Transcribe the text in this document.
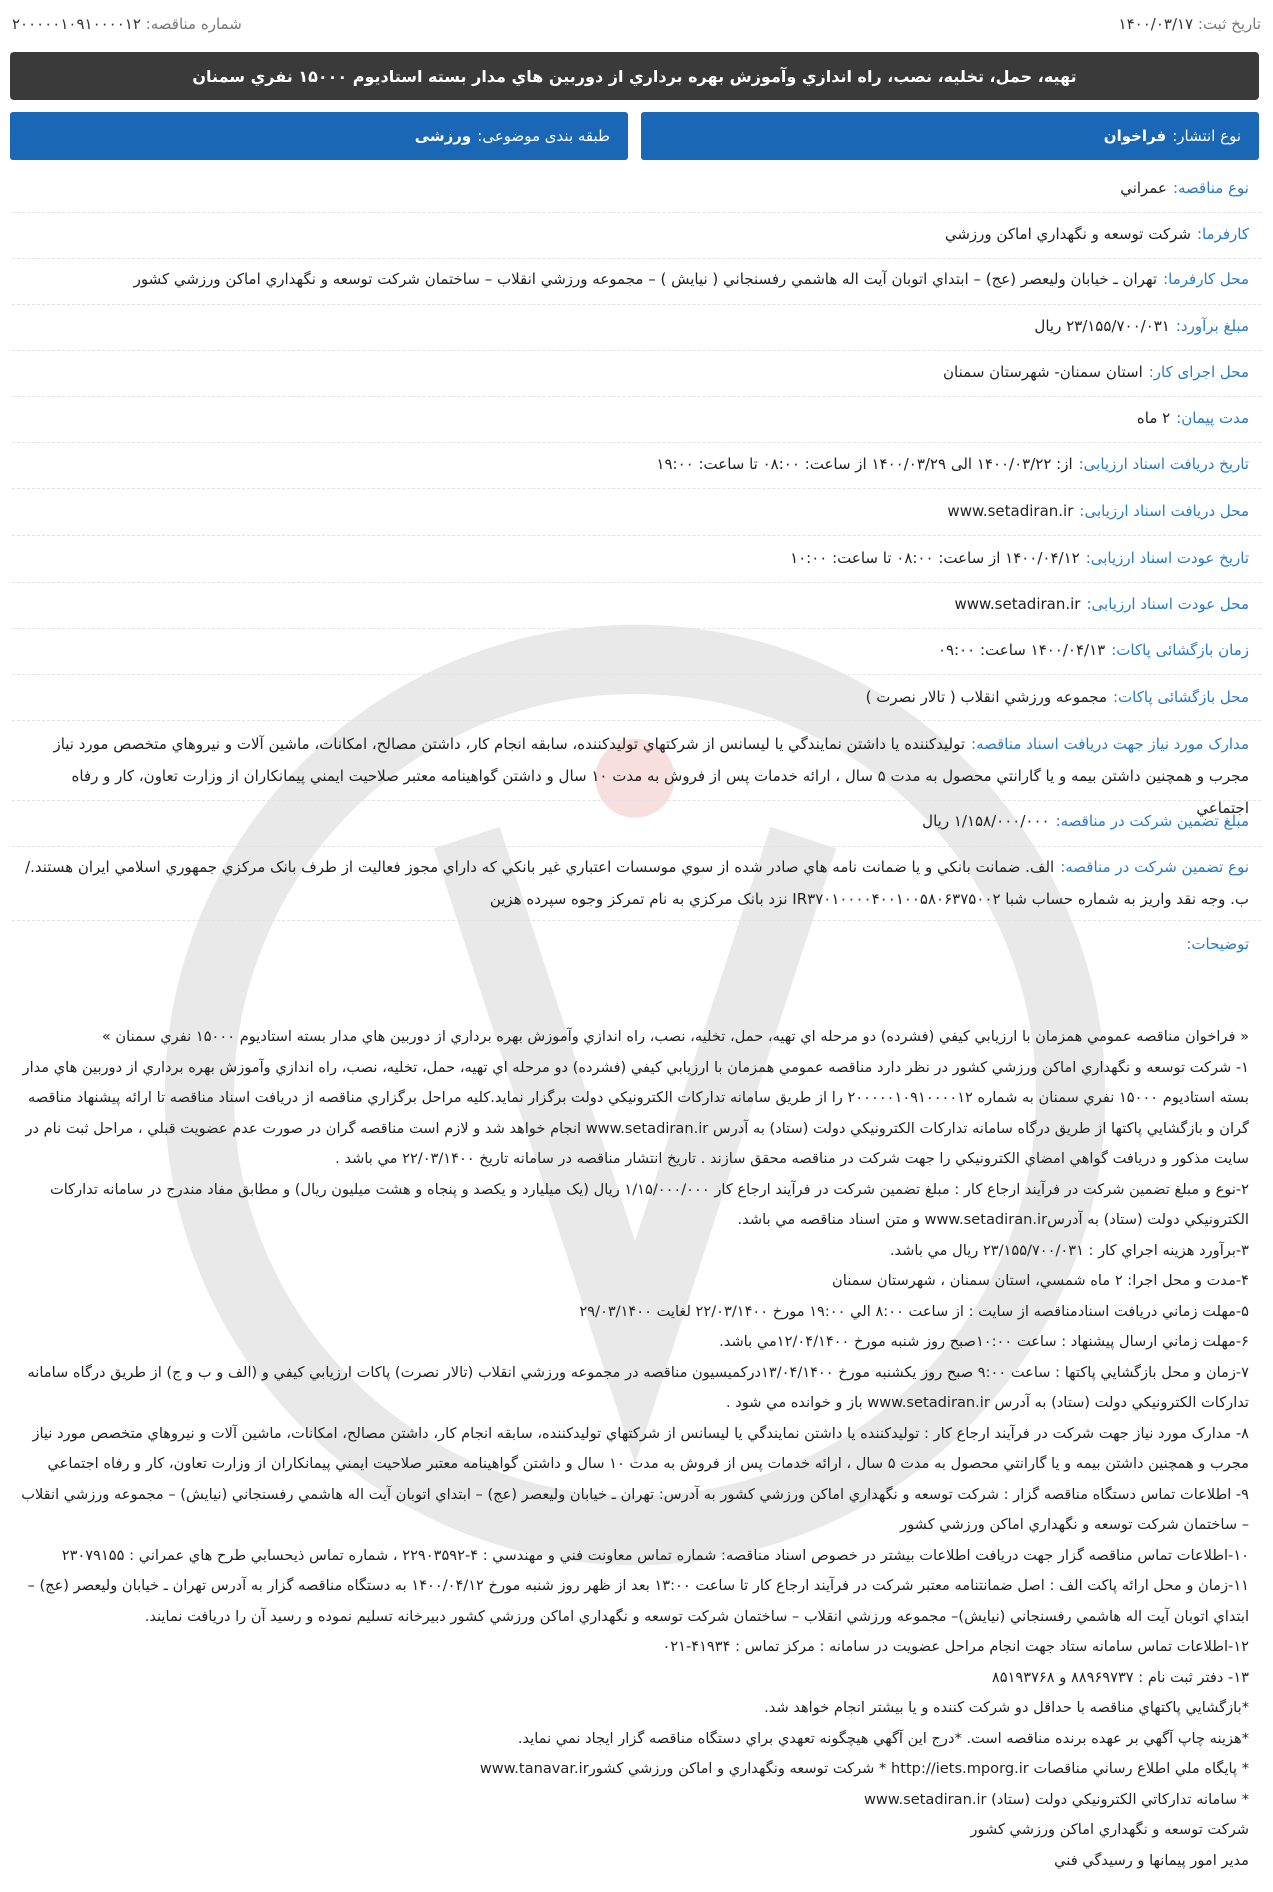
تاريخ ثبت: ۱۴۰۰/۰۳/۱۷
شماره مناقصه: ۲۰۰۰۰۰۱۰۹۱۰۰۰۰۱۲
تهيه، حمل، تخليه، نصب، راه اندازي وآموزش بهره برداري از دوربين هاي مدار بسته استاديوم ۱۵۰۰۰ نفري سمنان
نوع انتشار:
فراخوان
طبقه بندی موضوعی:
ورزشی
نوع مناقصه:عمراني
کارفرما:شرکت توسعه و نگهداري اماکن ورزشي
محل کارفرما:تهران ـ خيابان وليعصر (عج) – ابتداي اتوبان آيت اله هاشمي رفسنجاني ( نيايش ) – مجموعه ورزشي انقلاب – ساختمان شرکت توسعه و نگهداري اماکن ورزشي کشور
مبلغ برآورد:۲۳/۱۵۵/۷۰۰/۰۳۱ ريال
محل اجرای کار:استان سمنان- شهرستان سمنان
مدت پیمان:۲ ماه
تاریخ دریافت اسناد ارزیابی:از: ۱۴۰۰/۰۳/۲۲ الی ۱۴۰۰/۰۳/۲۹ از ساعت: ۰۸:۰۰ تا ساعت: ۱۹:۰۰
محل دریافت اسناد ارزیابی:www.setadiran.ir
تاریخ عودت اسناد ارزیابی:۱۴۰۰/۰۴/۱۲ از ساعت: ۰۸:۰۰ تا ساعت: ۱۰:۰۰
محل عودت اسناد ارزیابی:www.setadiran.ir
زمان بازگشائی پاکات:۱۴۰۰/۰۴/۱۳ ساعت: ۰۹:۰۰
محل بازگشائی پاکات:مجموعه ورزشي انقلاب ( تالار نصرت )
مدارک مورد نیاز جهت دریافت اسناد مناقصه:توليدکننده يا داشتن نمايندگي يا ليسانس از شرکتهاي توليدکننده، سابقه انجام کار، داشتن مصالح، امکانات، ماشين آلات و نيروهاي متخصص مورد نياز مجرب و همچنين داشتن بيمه و يا گارانتي محصول به مدت ۵ سال ، ارائه خدمات پس از فروش به مدت ۱۰ سال و داشتن گواهينامه معتبر صلاحيت ايمني پيمانکاران از وزارت تعاون، کار و رفاه اجتماعي
مبلغ تضمین شرکت در مناقصه:۱/۱۵۸/۰۰۰/۰۰۰ ريال
نوع تضمین شرکت در مناقصه:الف. ضمانت بانکي و يا ضمانت نامه هاي صادر شده از سوي موسسات اعتباري غير بانکي که داراي مجوز فعاليت از طرف بانک مرکزي جمهوري اسلامي ايران هستند./ب. وجه نقد واريز به شماره حساب شبا IR۳۷۰۱۰۰۰۰۴۰۰۱۰۰۵۸۰۶۳۷۵۰۰۲ نزد بانک مرکزي به نام تمرکز وجوه سپرده هزين
توضیحات:

« فراخوان مناقصه عمومي همزمان با ارزيابي کيفي (فشرده) دو مرحله اي تهيه، حمل، تخليه، نصب، راه اندازي وآموزش بهره برداري از دوربين هاي مدار بسته استاديوم ۱۵۰۰۰ نفري سمنان »

۱- شرکت توسعه و نگهداري اماکن ورزشي کشور در نظر دارد مناقصه عمومي همزمان با ارزيابي کيفي (فشرده) دو مرحله اي تهيه، حمل، تخليه، نصب، راه اندازي وآموزش بهره برداري از دوربين هاي مدار بسته استاديوم ۱۵۰۰۰ نفري سمنان به شماره ۲۰۰۰۰۰۱۰۹۱۰۰۰۰۱۲ را از طريق سامانه تدارکات الکترونيکي دولت برگزار نمايد.کليه مراحل برگزاري مناقصه از دريافت اسناد مناقصه تا ارائه پيشنهاد مناقصه گران و بازگشايي پاکتها از طريق درگاه سامانه تدارکات الکترونيکي دولت (ستاد) به آدرس www.setadiran.ir انجام خواهد شد و لازم است مناقصه گران در صورت عدم عضويت قبلي ، مراحل ثبت نام در سايت مذکور و دريافت گواهي امضاي الکترونيکي را جهت شرکت در مناقصه محقق سازند . تاريخ انتشار مناقصه در سامانه تاريخ ۲۲/۰۳/۱۴۰۰ مي باشد .

۲-نوع و مبلغ تضمين شرکت در فرآيند ارجاع کار : مبلغ تضمين شرکت در فرآيند ارجاع کار ۱/۱۵/۰۰۰/۰۰۰ ريال (يک ميليارد و يکصد و پنجاه و هشت ميليون ريال) و مطابق مفاد مندرج در سامانه تدارکات الکترونيکي دولت (ستاد) به آدرسwww.setadiran.ir و متن اسناد مناقصه مي باشد.

۳-برآورد هزينه اجراي کار : ۲۳/۱۵۵/۷۰۰/۰۳۱ ريال مي باشد.

۴-مدت و محل اجرا: ۲ ماه شمسي، استان سمنان ، شهرستان سمنان

۵-مهلت زماني دريافت اسنادمناقصه از سايت : از ساعت ۸:۰۰ الي ۱۹:۰۰ مورخ ۲۲/۰۳/۱۴۰۰ لغايت ۲۹/۰۳/۱۴۰۰

۶-مهلت زماني ارسال پيشنهاد : ساعت ۱۰:۰۰صبح روز شنبه مورخ ۱۲/۰۴/۱۴۰۰مي باشد.

۷-زمان و محل بازگشايي پاکتها : ساعت ۹:۰۰ صبح روز يکشنبه مورخ ۱۳/۰۴/۱۴۰۰درکميسيون مناقصه در مجموعه ورزشي انقلاب (تالار نصرت) پاکات ارزيابي کيفي و (الف و ب و ج) از طريق درگاه سامانه تدارکات الکترونيکي دولت (ستاد) به آدرس www.setadiran.ir باز و خوانده مي شود .

۸- مدارک مورد نياز جهت شرکت در فرآيند ارجاع کار : توليدکننده يا داشتن نمايندگي يا ليسانس از شرکتهاي توليدکننده، سابقه انجام کار، داشتن مصالح، امکانات، ماشين آلات و نيروهاي متخصص مورد نياز مجرب و همچنين داشتن بيمه و يا گارانتي محصول به مدت ۵ سال ، ارائه خدمات پس از فروش به مدت ۱۰ سال و داشتن گواهينامه معتبر صلاحيت ايمني پيمانکاران از وزارت تعاون، کار و رفاه اجتماعي

۹- اطلاعات تماس دستگاه مناقصه گزار : شرکت توسعه و نگهداري اماکن ورزشي کشور به آدرس: تهران ـ خيابان وليعصر (عج) – ابتداي اتوبان آيت اله هاشمي رفسنجاني (نيايش) – مجموعه ورزشي انقلاب – ساختمان شرکت توسعه و نگهداري اماکن ورزشي کشور

۱۰-اطلاعات تماس مناقصه گزار جهت دريافت اطلاعات بيشتر در خصوص اسناد مناقصه: شماره تماس معاونت فني و مهندسي : ۴-۲۲۹۰۳۵۹۲ ، شماره تماس ذيحسابي طرح هاي عمراني : ۲۳۰۷۹۱۵۵

۱۱-زمان و محل ارائه پاکت الف : اصل ضمانتنامه معتبر شرکت در فرآيند ارجاع کار تا ساعت ۱۳:۰۰ بعد از ظهر روز شنبه مورخ ۱۴۰۰/۰۴/۱۲ به دستگاه مناقصه گزار به آدرس تهران ـ خيابان وليعصر (عج) – ابتداي اتوبان آيت اله هاشمي رفسنجاني (نيايش)– مجموعه ورزشي انقلاب – ساختمان شرکت توسعه و نگهداري اماکن ورزشي کشور دبيرخانه تسليم نموده و رسيد آن را دريافت نمايند.

۱۲-اطلاعات تماس سامانه ستاد جهت انجام مراحل عضويت در سامانه : مرکز تماس : ۴۱۹۳۴-۰۲۱

۱۳- دفتر ثبت نام : ۸۸۹۶۹۷۳۷ و ۸۵۱۹۳۷۶۸

*بازگشايي پاکتهاي مناقصه با حداقل دو شرکت کننده و يا بيشتر انجام خواهد شد.

*هزينه چاپ آگهي بر عهده برنده مناقصه است. *درج اين آگهي هيچگونه تعهدي براي دستگاه مناقصه گزار ايجاد نمي نمايد.

* پايگاه ملي اطلاع رساني مناقصات http://iets.mporg.ir * شرکت توسعه ونگهداري و اماکن ورزشي کشورwww.tanavar.ir

* سامانه تدارکاتي الکترونيکي دولت (ستاد) www.setadiran.ir

شرکت توسعه و نگهداري اماکن ورزشي کشور

مدير امور پيمانها و رسيدگي فني
